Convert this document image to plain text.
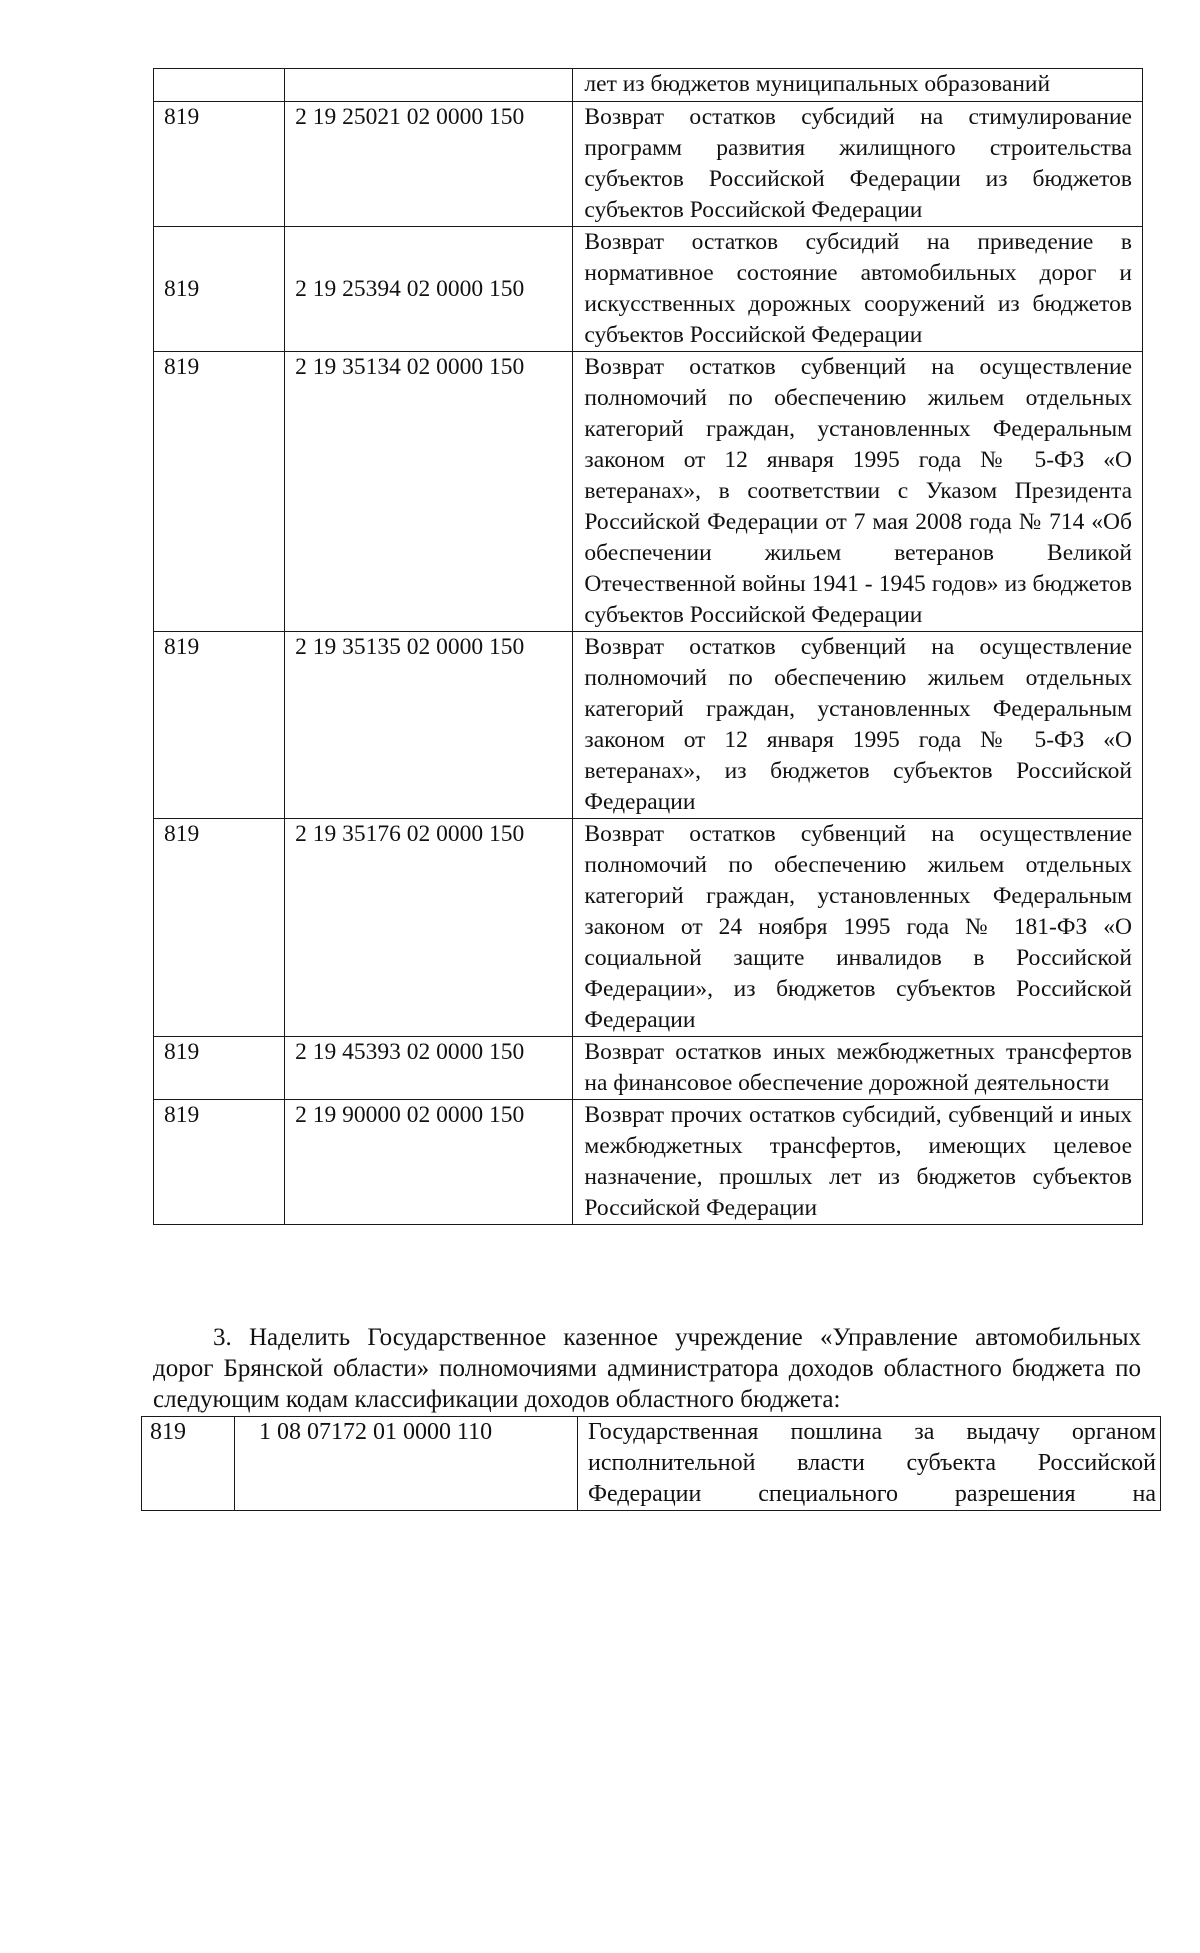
		лет из бюджетов муниципальных образований
819	2 19 25021 02 0000 150	Возврат остатков субсидий на стимулирование программ развития жилищного строительства субъектов Российской Федерации из бюджетов субъектов Российской Федерации
819	2 19 25394 02 0000 150	Возврат остатков субсидий на приведение в нормативное состояние автомобильных дорог и искусственных дорожных сооружений из бюджетов субъектов Российской Федерации
819	2 19 35134 02 0000 150	Возврат остатков субвенций на осуществление полномочий по обеспечению жильем отдельных категорий граждан, установленных Федеральным законом от 12 января 1995 года № 5-ФЗ «О ветеранах», в соответствии с Указом Президента Российской Федерации от 7 мая 2008 года № 714 «Об обеспечении жильем ветеранов Великой Отечественной войны 1941 - 1945 годов» из бюджетов субъектов Российской Федерации
819	2 19 35135 02 0000 150	Возврат остатков субвенций на осуществление полномочий по обеспечению жильем отдельных категорий граждан, установленных Федеральным законом от 12 января 1995 года № 5-ФЗ «О ветеранах», из бюджетов субъектов Российской Федерации
819	2 19 35176 02 0000 150	Возврат остатков субвенций на осуществление полномочий по обеспечению жильем отдельных категорий граждан, установленных Федеральным законом от 24 ноября 1995 года № 181-ФЗ «О социальной защите инвалидов в Российской Федерации», из бюджетов субъектов Российской Федерации
819	2 19 45393 02 0000 150	Возврат остатков иных межбюджетных трансфертов на финансовое обеспечение дорожной деятельности
819	2 19 90000 02 0000 150	Возврат прочих остатков субсидий, субвенций и иных межбюджетных трансфертов, имеющих целевое назначение, прошлых лет из бюджетов субъектов Российской Федерации

3. Наделить Государственное казенное учреждение «Управление автомобильных дорог Брянской области» полномочиями администратора доходов областного бюджета по следующим кодам классификации доходов областного бюджета:

819	1 08 07172 01 0000 110	Государственная пошлина за выдачу органом исполнительной власти субъекта Российской Федерации специального разрешения на
